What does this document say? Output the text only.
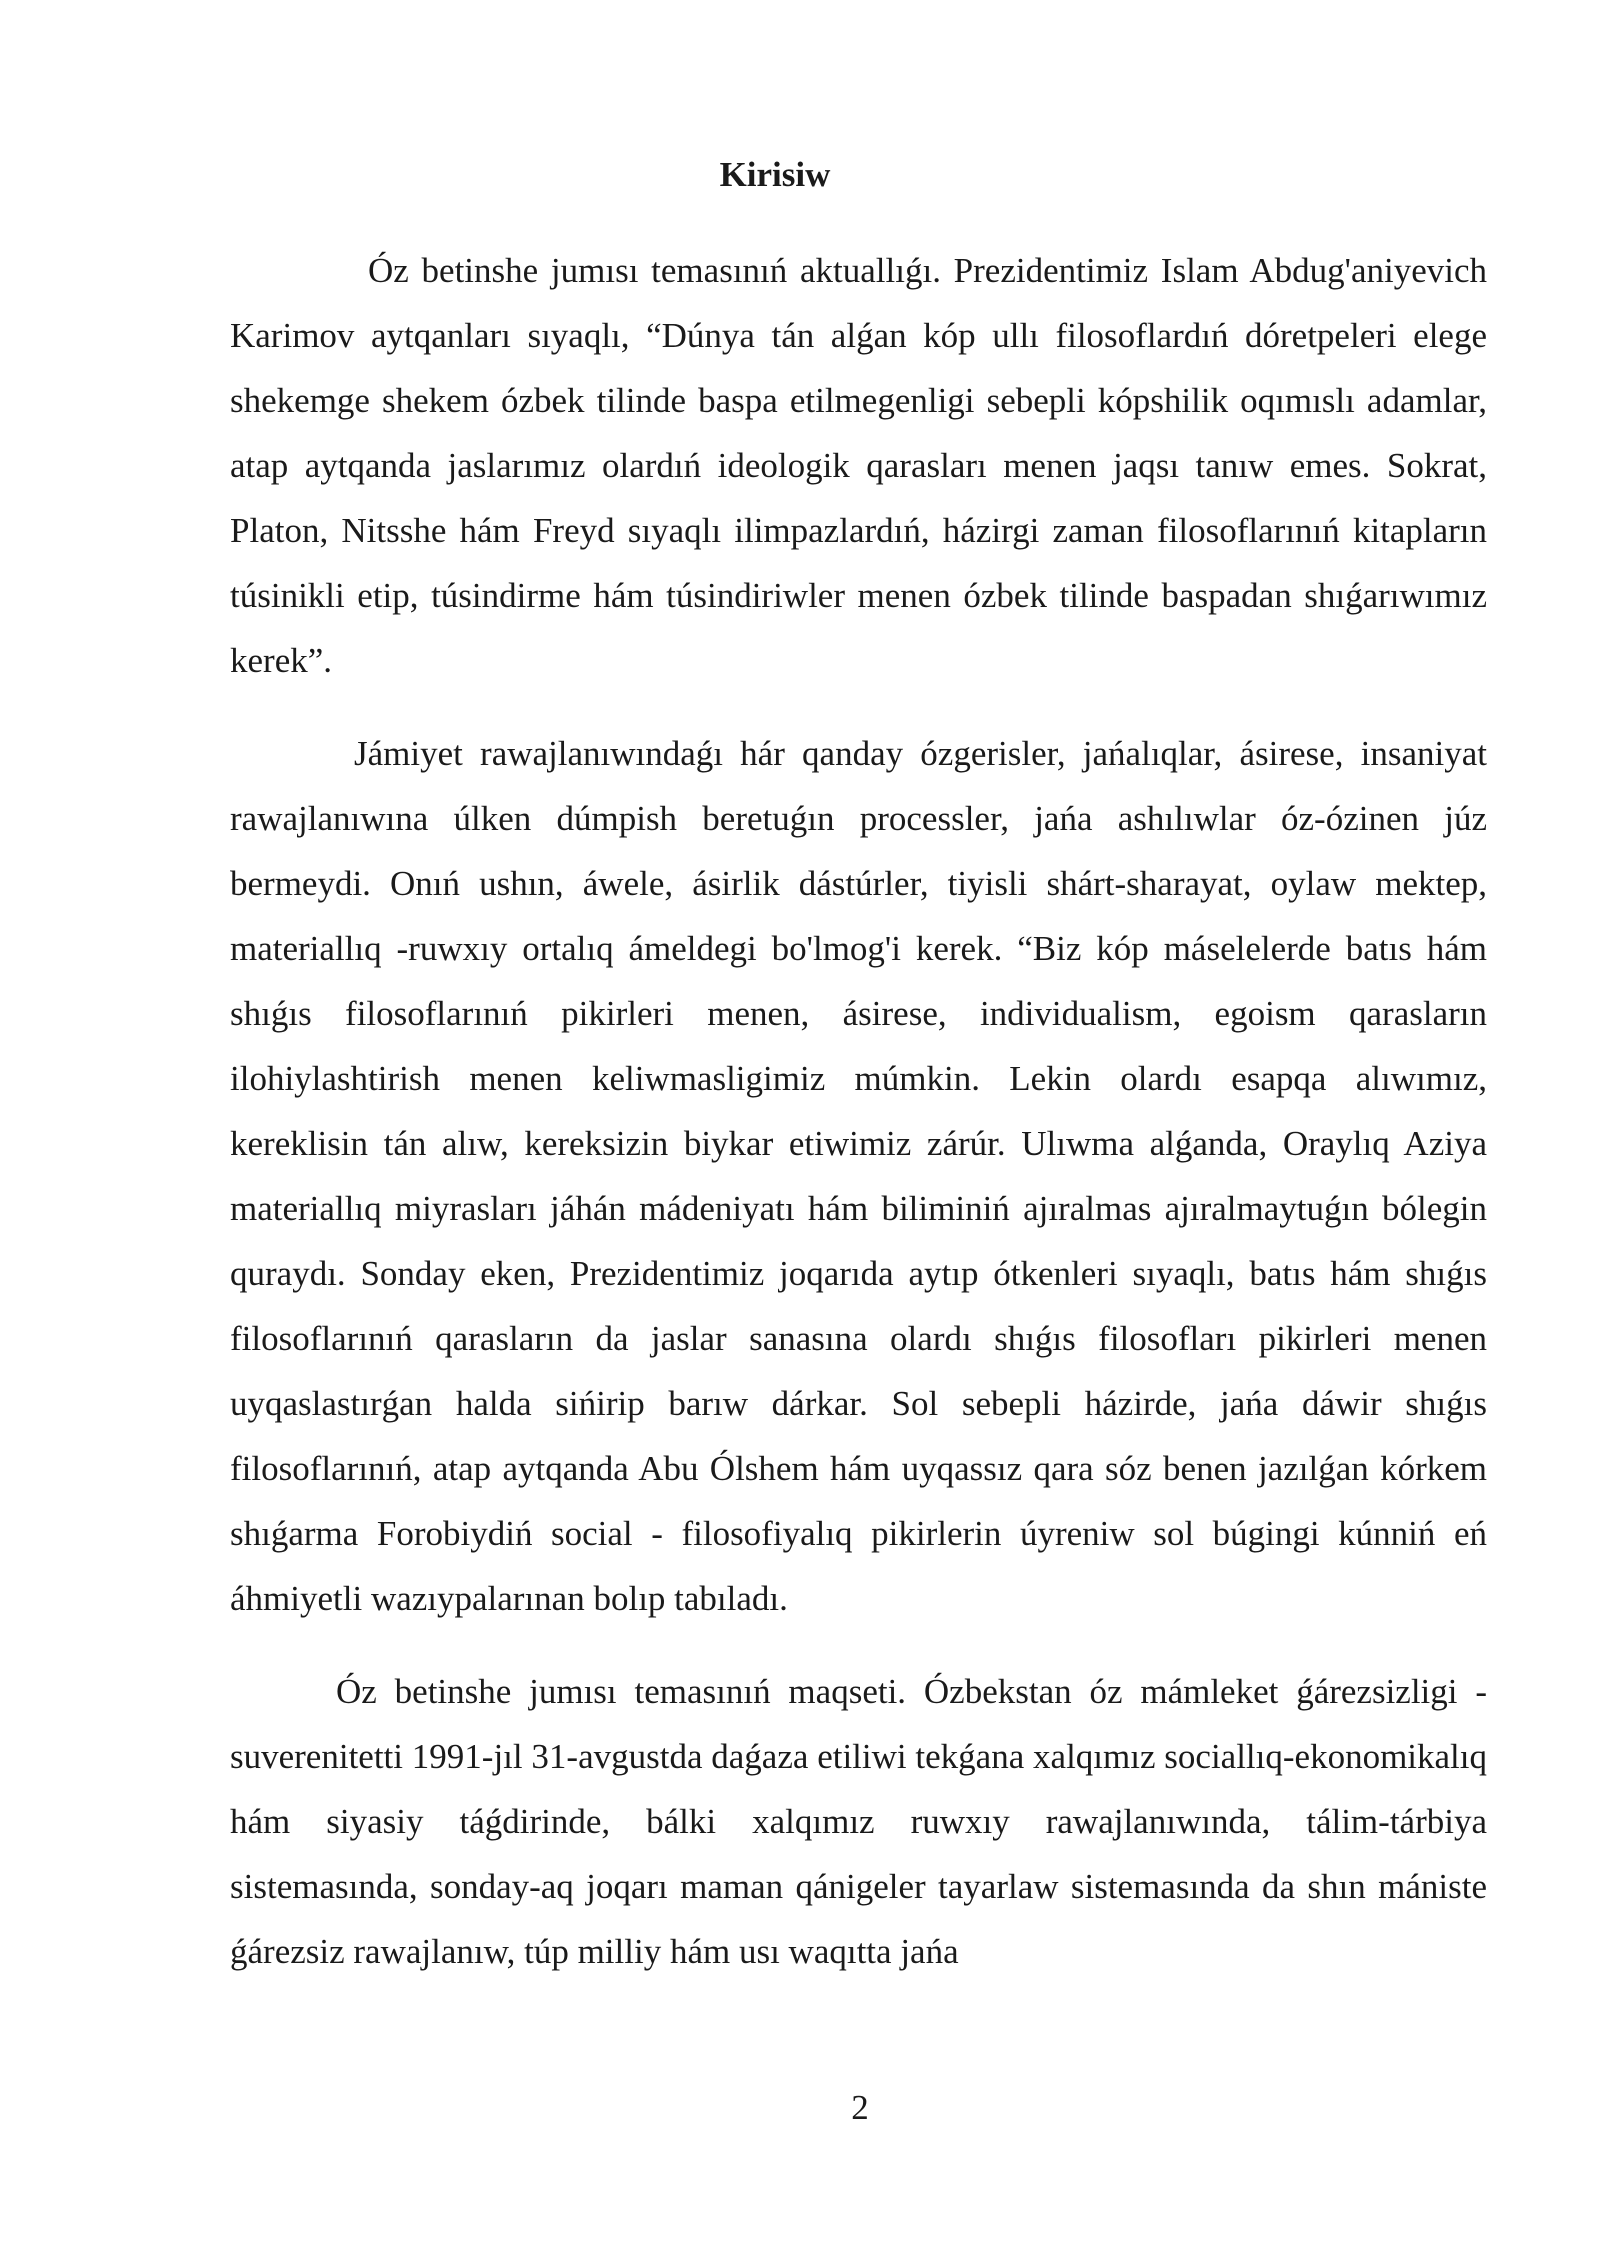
Kirisiw

Óz betinshe jumısı temasınıń aktuallıǵı. Prezidentimiz Islam Abdug'aniyevich Karimov aytqanları sıyaqlı, “Dúnya tán alǵan kóp ullı filosoflardıń dóretpeleri elege shekemge shekem ózbek tilinde baspa etilmegenligi sebepli kópshilik oqımıslı adamlar, atap aytqanda jaslarımız olardıń ideologik qarasları menen jaqsı tanıw emes. Sokrat, Platon, Nitsshe hám Freyd sıyaqlı ilimpazlardıń, házirgi zaman filosoflarınıń kitapların túsinikli etip, túsindirme hám túsindiriwler menen ózbek tilinde baspadan shıǵarıwımız kerek”.

Jámiyet rawajlanıwındaǵı hár qanday ózgerisler, jańalıqlar, ásirese, insaniyat rawajlanıwına úlken dúmpish beretuǵın processler, jańa ashılıwlar óz-ózinen júz bermeydi. Onıń ushın, áwele, ásirlik dástúrler, tiyisli shárt-sharayat, oylaw mektep, materiallıq -ruwxıy ortalıq ámeldegi bo'lmog'i kerek. “Biz kóp máselelerde batıs hám shıǵıs filosoflarınıń pikirleri menen, ásirese, individualism, egoism qarasların ilohiylashtirish menen keliwmasligimiz múmkin. Lekin olardı esapqa alıwımız, kereklisin tán alıw, kereksizin biykar etiwimiz zárúr. Ulıwma alǵanda, Oraylıq Aziya materiallıq miyrasları jáhán mádeniyatı hám biliminiń ajıralmas ajıralmaytuǵın bólegin quraydı. Sonday eken, Prezidentimiz joqarıda aytıp ótkenleri sıyaqlı, batıs hám shıǵıs filosoflarınıń qarasların da jaslar sanasına olardı shıǵıs filosofları pikirleri menen uyqaslastırǵan halda sińirip barıw dárkar. Sol sebepli házirde, jańa dáwir shıǵıs filosoflarınıń, atap aytqanda Abu Ólshem hám uyqassız qara sóz benen jazılǵan kórkem shıǵarma Forobiydiń social - filosofiyalıq pikirlerin úyreniw sol búgingi kúnniń eń áhmiyetli wazıypalarınan bolıp tabıladı.

Óz betinshe jumısı temasınıń maqseti. Ózbekstan óz mámleket ǵárezsizligi - suverenitetti 1991-jıl 31-avgustda daǵaza etiliwi tekǵana xalqımız sociallıq-ekonomikalıq hám siyasiy táǵdirinde, bálki xalqımız ruwxıy rawajlanıwında, tálim-tárbiya sistemasında, sonday-aq joqarı maman qánigeler tayarlaw sistemasında da shın mániste ǵárezsiz rawajlanıw, túp milliy hám usı waqıtta jańa

2
